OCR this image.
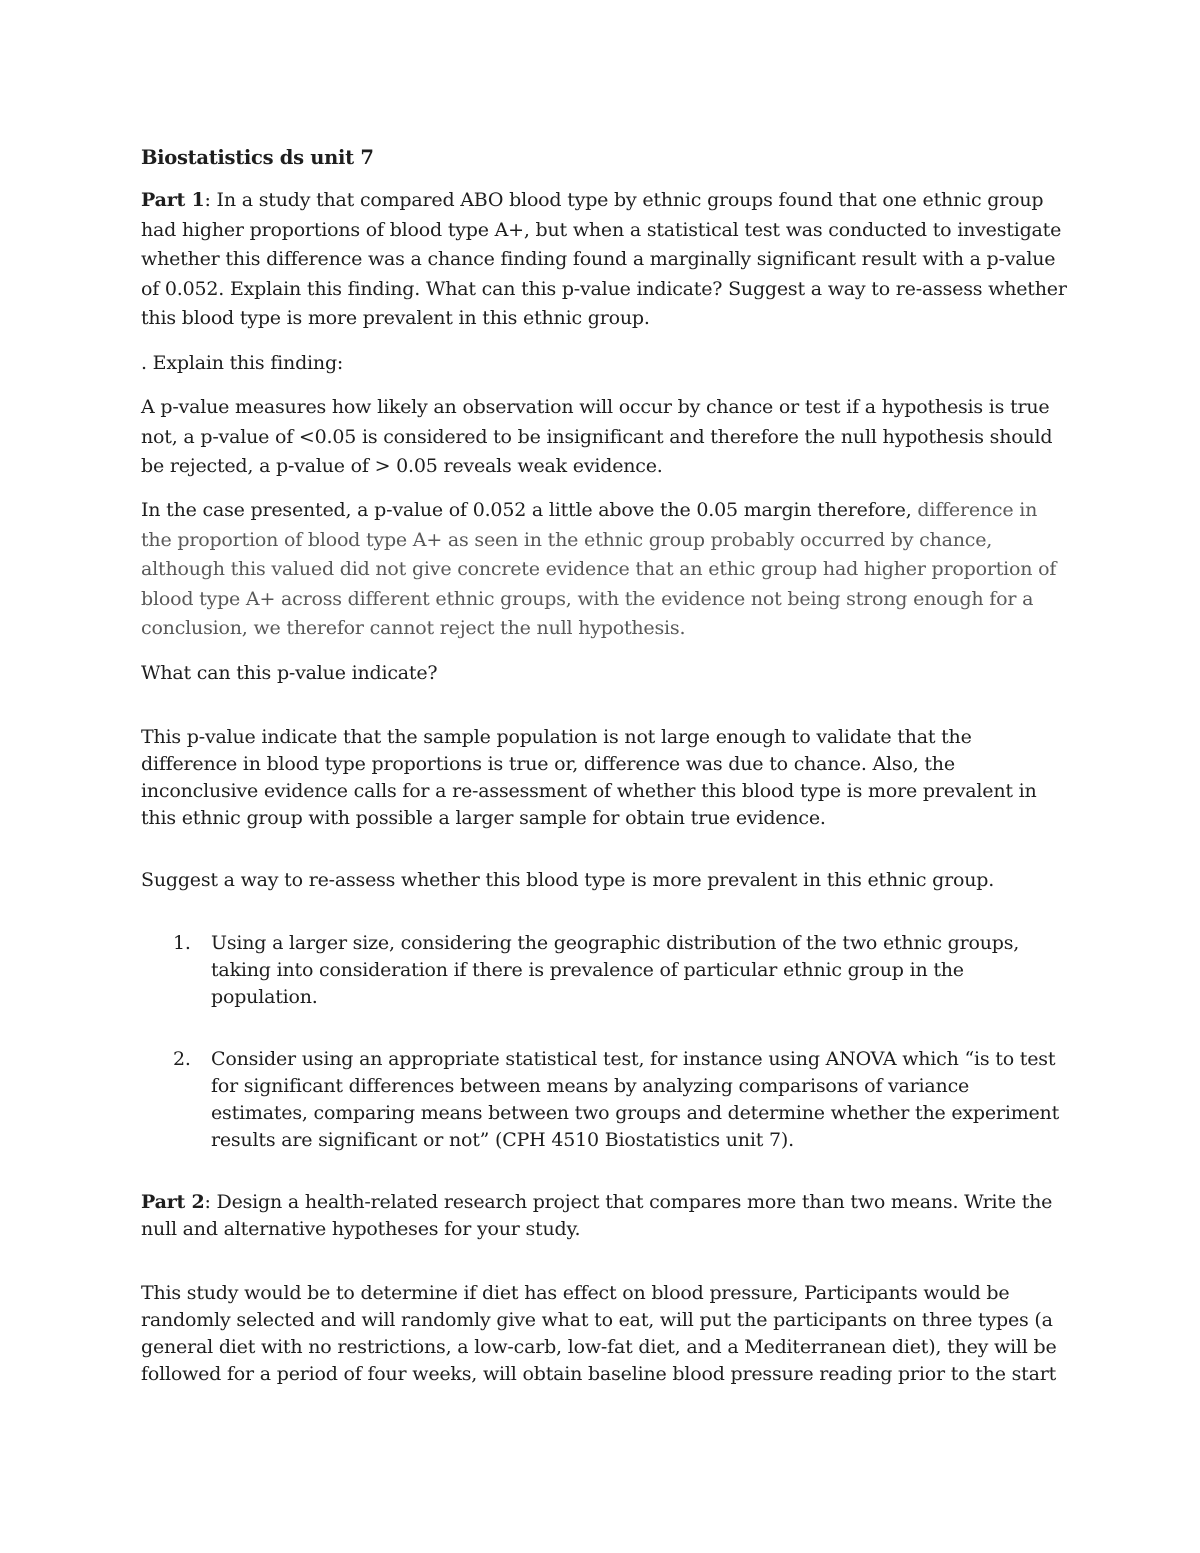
Biostatistics ds unit 7

Part 1: In a study that compared ABO blood type by ethnic groups found that one ethnic group had higher proportions of blood type A+, but when a statistical test was conducted to investigate whether this difference was a chance finding found a marginally significant result with a p-value of 0.052. Explain this finding. What can this p-value indicate? Suggest a way to re-assess whether this blood type is more prevalent in this ethnic group.

. Explain this finding:

A p-value measures how likely an observation will occur by chance or test if a hypothesis is true not, a p-value of <0.05 is considered to be insignificant and therefore the null hypothesis should be rejected, a p-value of > 0.05 reveals weak evidence.

In the case presented, a p-value of 0.052 a little above the 0.05 margin therefore, difference in the proportion of blood type A+ as seen in the ethnic group probably occurred by chance, although this valued did not give concrete evidence that an ethic group had higher proportion of blood type A+ across different ethnic groups, with the evidence not being strong enough for a conclusion, we therefor cannot reject the null hypothesis.

What can this p-value indicate?

This p-value indicate that the sample population is not large enough to validate that the difference in blood type proportions is true or, difference was due to chance. Also, the inconclusive evidence calls for a re-assessment of whether this blood type is more prevalent in this ethnic group with possible a larger sample for obtain true evidence.

Suggest a way to re-assess whether this blood type is more prevalent in this ethnic group.

1.	Using a larger size, considering the geographic distribution of the two ethnic groups, taking into consideration if there is prevalence of particular ethnic group in the population.
2.	Consider using an appropriate statistical test, for instance using ANOVA which “is to test for significant differences between means by analyzing comparisons of variance estimates, comparing means between two groups and determine whether the experiment results are significant or not” (CPH 4510 Biostatistics unit 7).

Part 2: Design a health-related research project that compares more than two means. Write the null and alternative hypotheses for your study.

This study would be to determine if diet has effect on blood pressure, Participants would be randomly selected and will randomly give what to eat, will put the participants on three types (a general diet with no restrictions, a low-carb, low-fat diet, and a Mediterranean diet), they will be followed for a period of four weeks, will obtain baseline blood pressure reading prior to the start
